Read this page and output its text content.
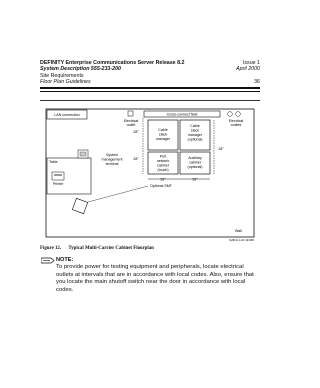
DEFINITY Enterprise Communications Server Release 8.2
System Description 555-233-200
Site Requirements
Floor Plan Guidelines
Issue 1
April 2000

36
LAN connection
Electrical
outlet
Cross-connect field
Electrical
outlets
28"
28"
Cable
slack
manager
Cable
slack
manager
(optional)
Port
network
cabinet
(touch)
Auxiliary
cabinet
(optional)
28"
32"	32"
Table
System
management
terminal
Printer	Optional SMT
Wall
fpdfbnr1.LAO 121396
Figure 12. Typical Multi-Carrier Cabinet Floorplan
NOTE:
To provide power for testing equipment and peripherals, locate electrical outlets at intervals that are in accordance with local codes. Also, ensure that you locate the main shutoff switch near the door in accordance with local codes.
